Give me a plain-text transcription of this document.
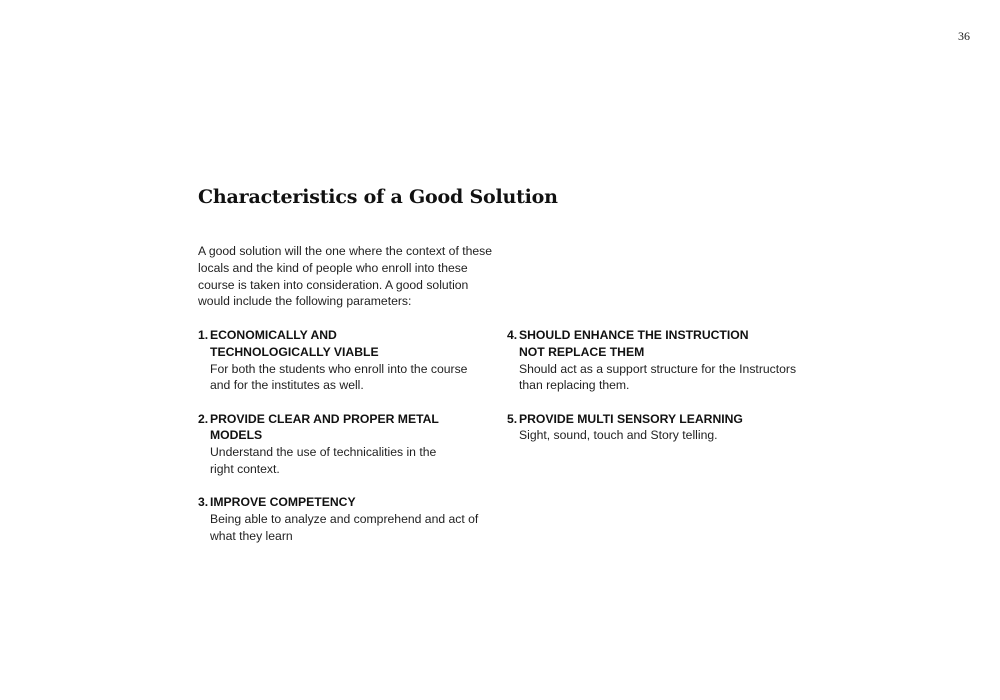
36
Characteristics of a Good Solution

A good solution will the one where the context of these locals and the kind of people who enroll into these course is taken into consideration. A good solution would include the following parameters:

1. ECONOMICALLY AND
TECHNOLOGICALLY VIABLE
For both the students who enroll into the course
and for the institutes as well.
2. PROVIDE CLEAR AND PROPER METAL MODELS
Understand the use of technicalities in the
right context.
3. IMPROVE COMPETENCY
Being able to analyze and comprehend and act of
what they learn
4. SHOULD ENHANCE THE INSTRUCTION
NOT REPLACE THEM
Should act as a support structure for the Instructors
than replacing them.
5. PROVIDE MULTI SENSORY LEARNING
Sight, sound, touch and Story telling.
